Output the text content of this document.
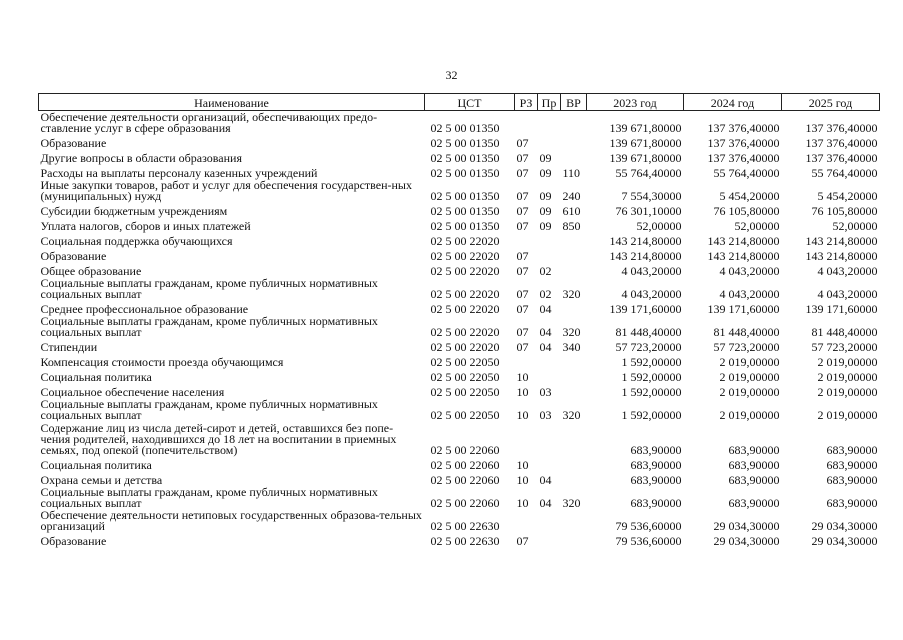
32
Наименование	ЦСТ	РЗ	Пр	ВР	2023 год	2024 год	2025 год
Обеспечение деятельности организаций, обеспечивающих предо-ставление услуг в сфере образования	02 5 00 01350				139 671,80000	137 376,40000	137 376,40000
Образование	02 5 00 01350	07			139 671,80000	137 376,40000	137 376,40000
Другие вопросы в области образования	02 5 00 01350	07	09		139 671,80000	137 376,40000	137 376,40000
Расходы на выплаты персоналу казенных учреждений	02 5 00 01350	07	09	110	55 764,40000	55 764,40000	55 764,40000
Иные закупки товаров, работ и услуг для обеспечения государствен-ных (муниципальных) нужд	02 5 00 01350	07	09	240	7 554,30000	5 454,20000	5 454,20000
Субсидии бюджетным учреждениям	02 5 00 01350	07	09	610	76 301,10000	76 105,80000	76 105,80000
Уплата налогов, сборов и иных платежей	02 5 00 01350	07	09	850	52,00000	52,00000	52,00000
Социальная поддержка обучающихся	02 5 00 22020				143 214,80000	143 214,80000	143 214,80000
Образование	02 5 00 22020	07			143 214,80000	143 214,80000	143 214,80000
Общее образование	02 5 00 22020	07	02		4 043,20000	4 043,20000	4 043,20000
Социальные выплаты гражданам, кроме публичных нормативных социальных выплат	02 5 00 22020	07	02	320	4 043,20000	4 043,20000	4 043,20000
Среднее профессиональное образование	02 5 00 22020	07	04		139 171,60000	139 171,60000	139 171,60000
Социальные выплаты гражданам, кроме публичных нормативных социальных выплат	02 5 00 22020	07	04	320	81 448,40000	81 448,40000	81 448,40000
Стипендии	02 5 00 22020	07	04	340	57 723,20000	57 723,20000	57 723,20000
Компенсация стоимости проезда обучающимся	02 5 00 22050				1 592,00000	2 019,00000	2 019,00000
Социальная политика	02 5 00 22050	10			1 592,00000	2 019,00000	2 019,00000
Социальное обеспечение населения	02 5 00 22050	10	03		1 592,00000	2 019,00000	2 019,00000
Социальные выплаты гражданам, кроме публичных нормативных социальных выплат	02 5 00 22050	10	03	320	1 592,00000	2 019,00000	2 019,00000
Содержание лиц из числа детей-сирот и детей, оставшихся без попе-чения родителей, находившихся до 18 лет на воспитании в приемных семьях, под опекой (попечительством)	02 5 00 22060				683,90000	683,90000	683,90000
Социальная политика	02 5 00 22060	10			683,90000	683,90000	683,90000
Охрана семьи и детства	02 5 00 22060	10	04		683,90000	683,90000	683,90000
Социальные выплаты гражданам, кроме публичных нормативных социальных выплат	02 5 00 22060	10	04	320	683,90000	683,90000	683,90000
Обеспечение деятельности нетиповых государственных образова-тельных организаций	02 5 00 22630				79 536,60000	29 034,30000	29 034,30000
Образование	02 5 00 22630	07			79 536,60000	29 034,30000	29 034,30000
